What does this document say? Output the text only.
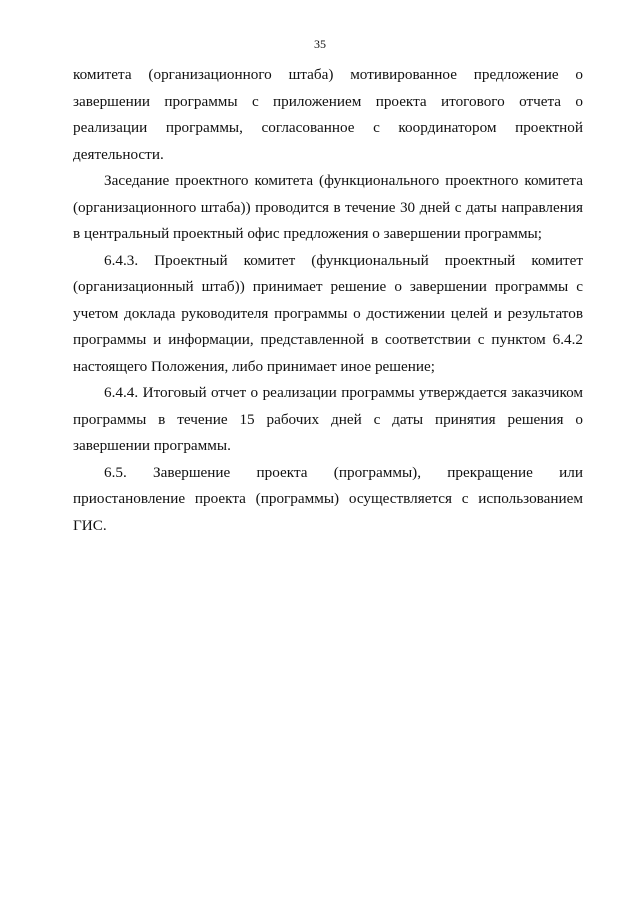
35

комитета (организационного штаба) мотивированное предложение о завершении программы с приложением проекта итогового отчета о реализации программы, согласованное с координатором проектной деятельности.

Заседание проектного комитета (функционального проектного комитета (организационного штаба)) проводится в течение 30 дней с даты направления в центральный проектный офис предложения о завершении программы;

6.4.3. Проектный комитет (функциональный проектный комитет (организационный штаб)) принимает решение о завершении программы с учетом доклада руководителя программы о достижении целей и результатов программы и информации, представленной в соответствии с пунктом 6.4.2 настоящего Положения, либо принимает иное решение;

6.4.4. Итоговый отчет о реализации программы утверждается заказчиком программы в течение 15 рабочих дней с даты принятия решения о завершении программы.

6.5. Завершение проекта (программы), прекращение или приостановление проекта (программы) осуществляется с использованием ГИС.
